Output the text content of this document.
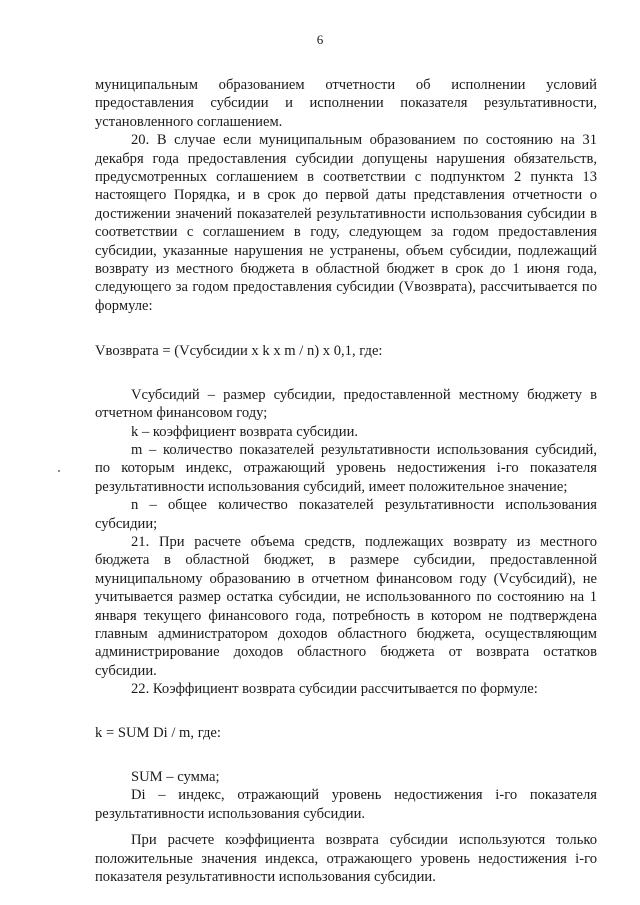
6

муниципальным образованием отчетности об исполнении условий предоставления субсидии и исполнении показателя результативности, установленного соглашением.

20. В случае если муниципальным образованием по состоянию на 31 декабря года предоставления субсидии допущены нарушения обязательств, предусмотренных соглашением в соответствии с подпунктом 2 пункта 13 настоящего Порядка, и в срок до первой даты представления отчетности о достижении значений показателей результативности использования субсидии в соответствии с соглашением в году, следующем за годом предоставления субсидии, указанные нарушения не устранены, объем субсидии, подлежащий возврату из местного бюджета в областной бюджет в срок до 1 июня года, следующего за годом предоставления субсидии (Vвозврата), рассчитывается по формуле:

Vвозврата = (Vсубсидии x k x m / n) x 0,1, где:

Vсубсидий – размер субсидии, предоставленной местному бюджету в отчетном финансовом году;

k – коэффициент возврата субсидии.

m – количество показателей результативности использования субсидий, по которым индекс, отражающий уровень недостижения i-го показателя результативности использования субсидий, имеет положительное значение;

n – общее количество показателей результативности использования субсидии;

21. При расчете объема средств, подлежащих возврату из местного бюджета в областной бюджет, в размере субсидии, предоставленной муниципальному образованию в отчетном финансовом году (Vсубсидий), не учитывается размер остатка субсидии, не использованного по состоянию на 1 января текущего финансового года, потребность в котором не подтверждена главным администратором доходов областного бюджета, осуществляющим администрирование доходов областного бюджета от возврата остатков субсидии.

22. Коэффициент возврата субсидии рассчитывается по формуле:

k = SUM Di / m, где:

SUM – сумма;

Di – индекс, отражающий уровень недостижения i-го показателя результативности использования субсидии.

При расчете коэффициента возврата субсидии используются только положительные значения индекса, отражающего уровень недостижения i-го показателя результативности использования субсидии.
